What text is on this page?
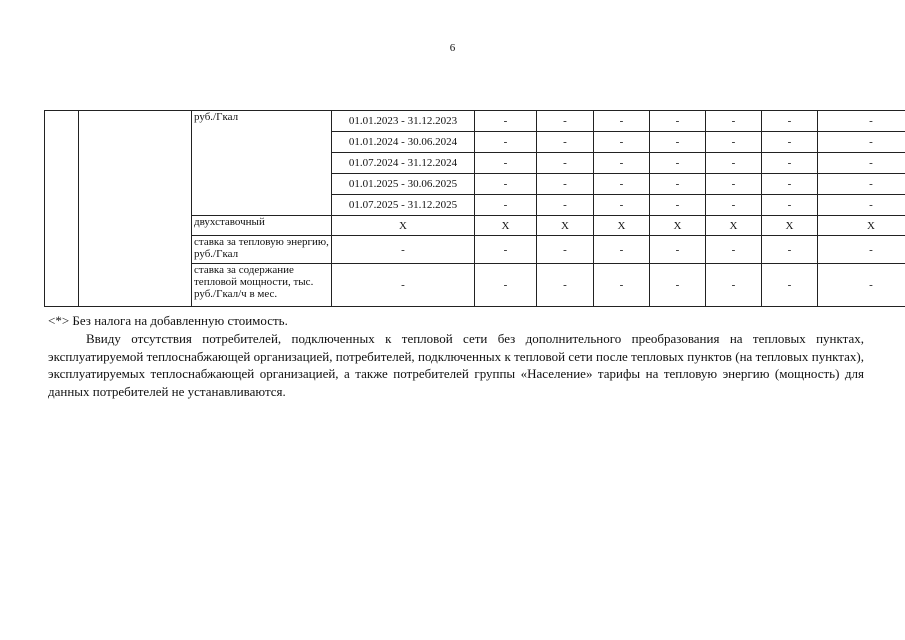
6
		руб./Гкал	01.01.2023 - 31.12.2023	-	-	-	-	-	-	-
			01.01.2024 - 30.06.2024	-	-	-	-	-	-	-
			01.07.2024 - 31.12.2024	-	-	-	-	-	-	-
			01.01.2025 - 30.06.2025	-	-	-	-	-	-	-
			01.07.2025 - 31.12.2025	-	-	-	-	-	-	-
		двухставочный	Х	Х	Х	Х	Х	Х	Х	Х
		ставка за тепловую энергию, руб./Гкал	-	-	-	-	-	-	-	-
		ставка за содержание тепловой мощности, тыс. руб./Гкал/ч в мес.	-	-	-	-	-	-	-	-
<*> Без налога на добавленную стоимость.

Ввиду отсутствия потребителей, подключенных к тепловой сети без дополнительного преобразования на тепловых пунктах, эксплуатируемой теплоснабжающей организацией, потребителей, подключенных к тепловой сети после тепловых пунктов (на тепловых пунктах), эксплуатируемых теплоснабжающей организацией, а также потребителей группы «Население» тарифы на тепловую энергию (мощность) для данных потребителей не устанавливаются.
